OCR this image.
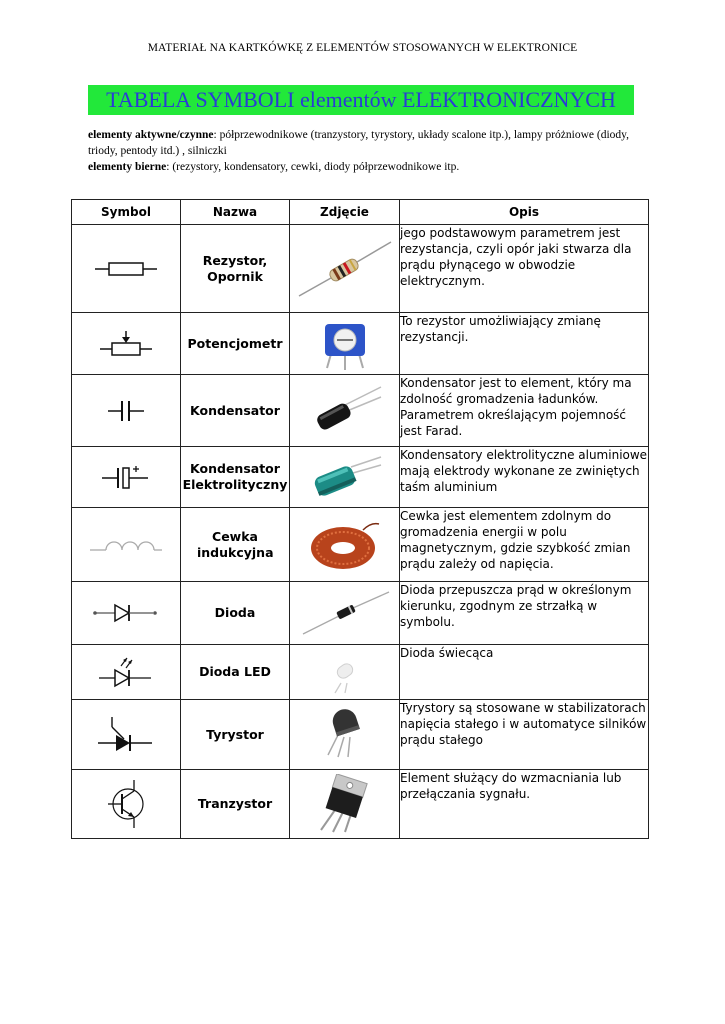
MATERIAŁ NA KARTKÓWKĘ Z ELEMENTÓW STOSOWANYCH W ELEKTRONICE
TABELA SYMBOLI elementów ELEKTRONICZNYCH
elementy aktywne/czynne: półprzewodnikowe (tranzystory, tyrystory, układy scalone itp.), lampy próżniowe (diody, triody, pentody itd.) , silniczki
elementy bierne: (rezystory, kondensatory, cewki, diody półprzewodnikowe itp.
Symbol	Nazwa	Zdjęcie	Opis

	Rezystor, Opornik		jego podstawowym parametrem jest rezystancja, czyli opór jaki stwarza dla prądu płynącego w obwodzie elektrycznym.

	Potencjometr		To rezystor umożliwiający zmianę rezystancji.

	Kondensator		Kondensator jest to element, który ma zdolność gromadzenia ładunków. Parametrem określającym pojemność jest Farad.

	Kondensator Elektrolityczny		Kondensatory elektrolityczne aluminiowe mają elektrody wykonane ze zwiniętych taśm aluminium

	Cewka indukcyjna		Cewka jest elementem zdolnym do gromadzenia energii w polu magnetycznym, gdzie szybkość zmian prądu zależy od napięcia.

	Dioda		Dioda przepuszcza prąd w określonym kierunku, zgodnym ze strzałką w symbolu.

	Dioda LED		Dioda świecąca

	Tyrystor		Tyrystory są stosowane w stabilizatorach napięcia stałego i w automatyce silników prądu stałego

	Tranzystor		Element służący do wzmacniania lub przełączania sygnału.
